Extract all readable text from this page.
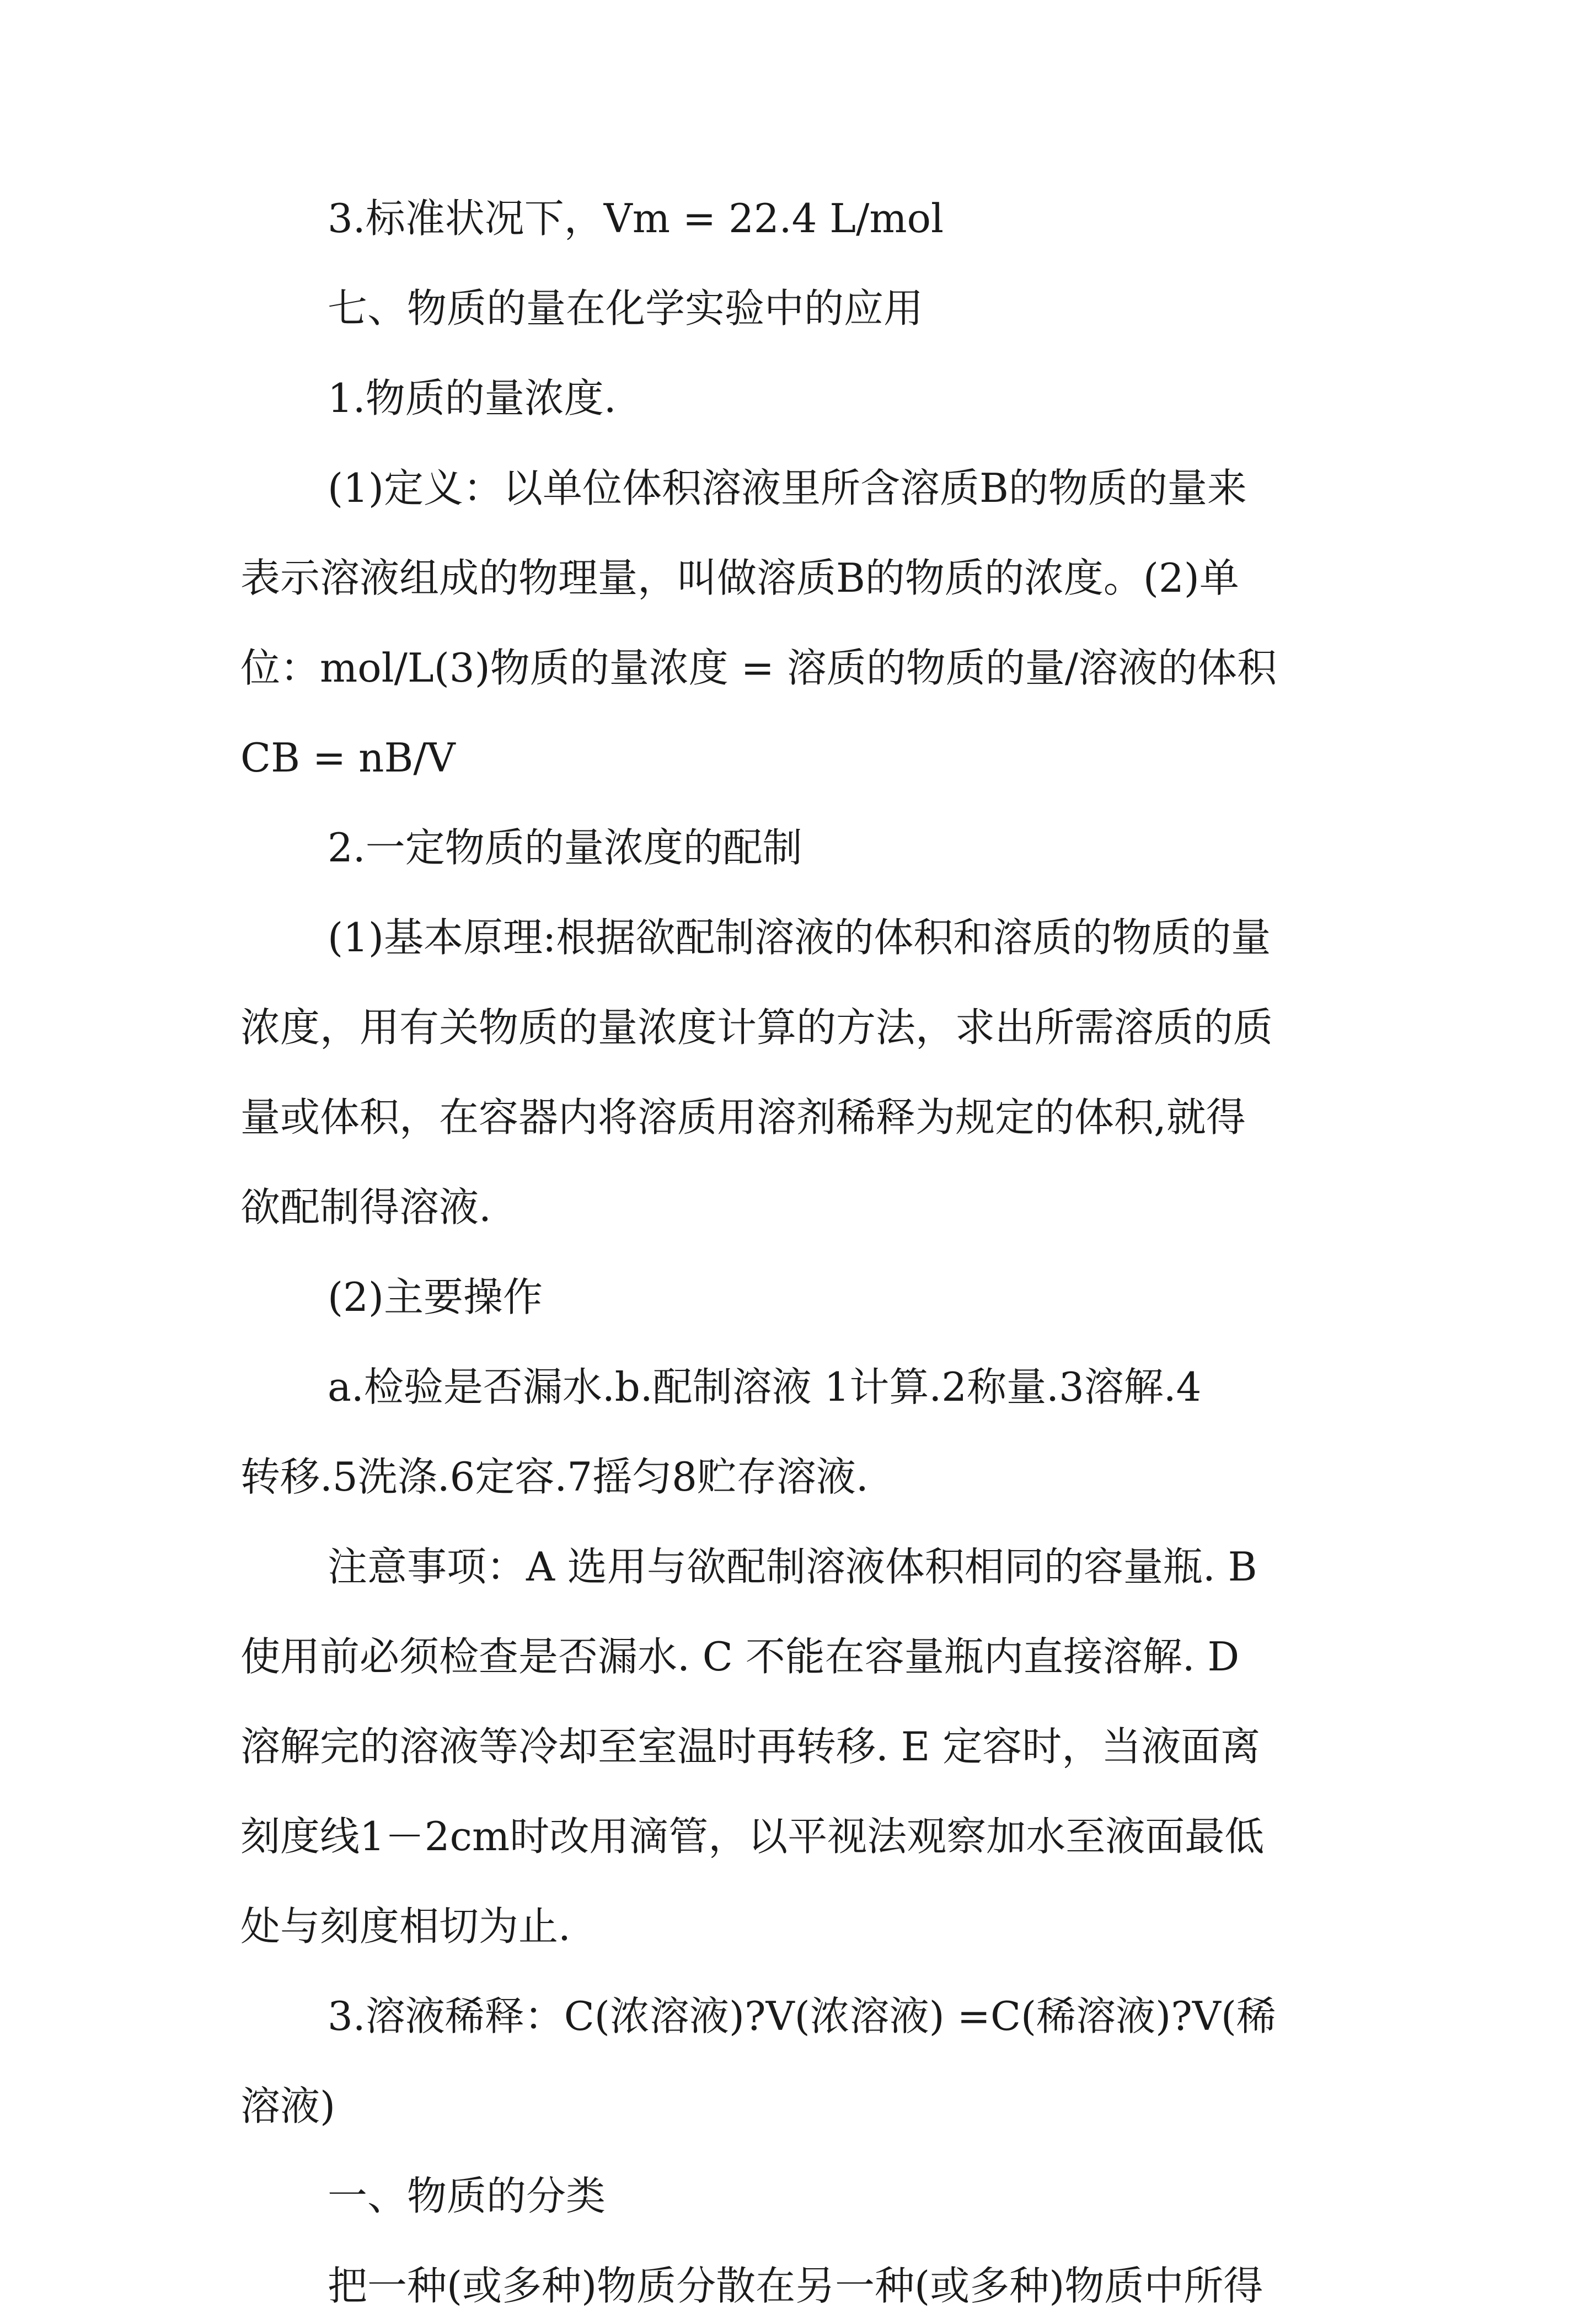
3.标准状况下，Vm = 22.4 L/mol
七、物质的量在化学实验中的应用
1.物质的量浓度.
(1)定义：以单位体积溶液里所含溶质B的物质的量来
表示溶液组成的物理量，叫做溶质B的物质的浓度。(2)单
位：mol/L(3)物质的量浓度 = 溶质的物质的量/溶液的体积
CB = nB/V
2.一定物质的量浓度的配制
(1)基本原理:根据欲配制溶液的体积和溶质的物质的量
浓度，用有关物质的量浓度计算的方法，求出所需溶质的质
量或体积，在容器内将溶质用溶剂稀释为规定的体积,就得
欲配制得溶液.
(2)主要操作
a.检验是否漏水.b.配制溶液 1计算.2称量.3溶解.4
转移.5洗涤.6定容.7摇匀8贮存溶液.
注意事项：A 选用与欲配制溶液体积相同的容量瓶. B
使用前必须检查是否漏水. C 不能在容量瓶内直接溶解. D
溶解完的溶液等冷却至室温时再转移. E 定容时，当液面离
刻度线1－2cm时改用滴管，以平视法观察加水至液面最低
处与刻度相切为止.
3.溶液稀释：C(浓溶液)?V(浓溶液) =C(稀溶液)?V(稀
溶液)
一、物质的分类
把一种(或多种)物质分散在另一种(或多种)物质中所得
